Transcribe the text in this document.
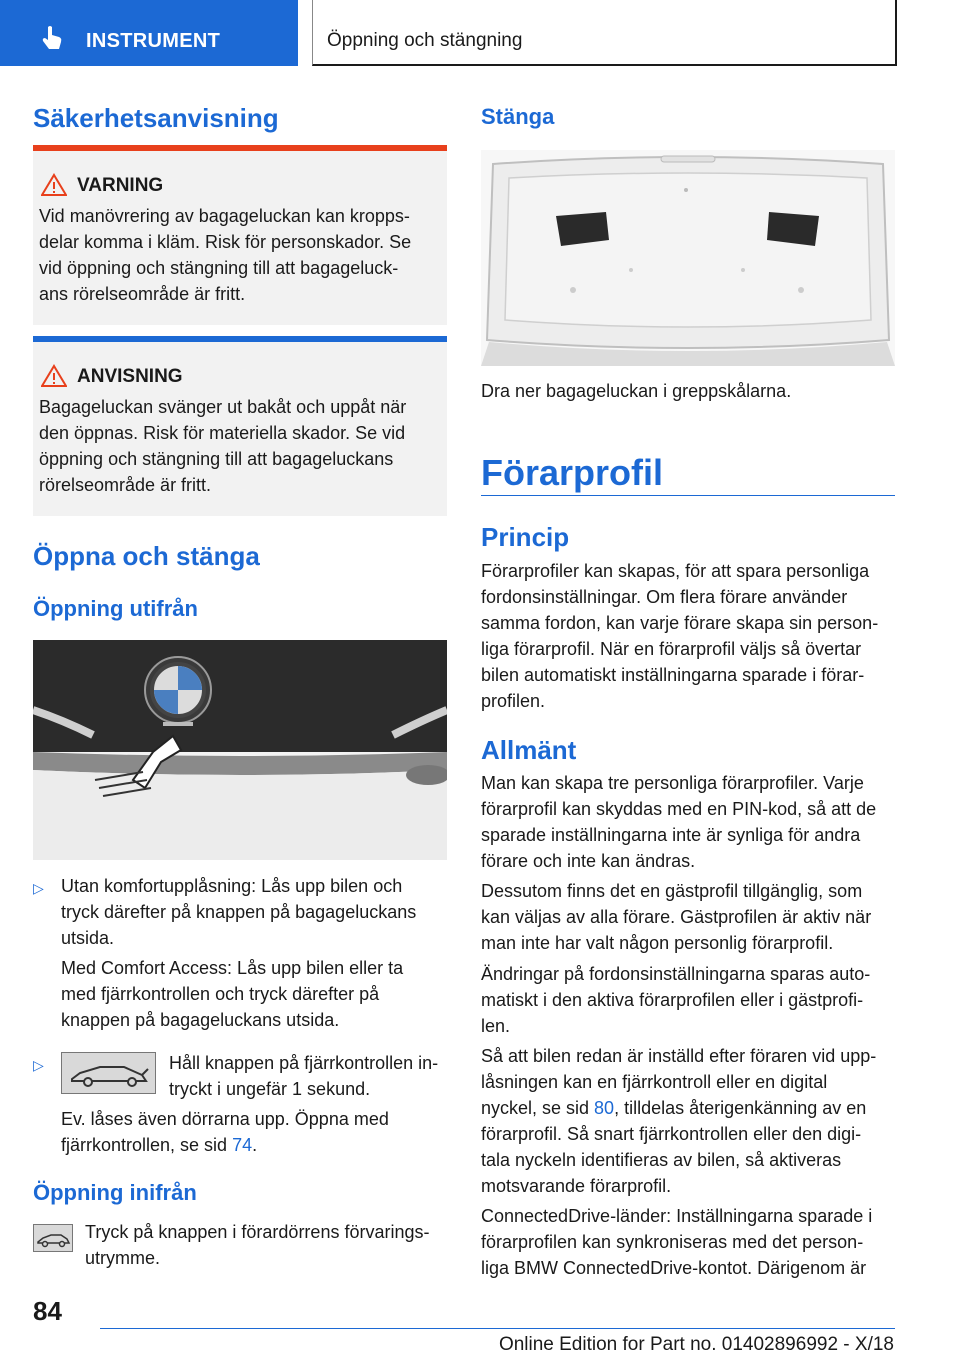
INSTRUMENT	Öppning och stängning
Säkerhetsanvisning
VARNING
Vid manövrering av bagageluckan kan kropps-
delar komma i kläm. Risk för personskador. Se
vid öppning och stängning till att bagageluck-
ans rörelseområde är fritt.
ANVISNING
Bagageluckan svänger ut bakåt och uppåt när
den öppnas. Risk för materiella skador. Se vid
öppning och stängning till att bagageluckans
rörelseområde är fritt.
Öppna och stänga
Öppning utifrån
▷ Utan komfortupplåsning: Lås upp bilen och
tryck därefter på knappen på bagageluckans
utsida.

Med Comfort Access: Lås upp bilen eller ta
med fjärrkontrollen och tryck därefter på
knappen på bagageluckans utsida.

▷	Håll knappen på fjärrkontrollen in-
tryckt i ungefär 1 sekund.

Ev. låses även dörrarna upp. Öppna med
fjärrkontrollen, se sid 74.

Öppning inifrån

Tryck på knappen i förardörrens förvarings-
utrymme.

Stänga

Dra ner bagageluckan i greppskålarna.

Förarprofil
Princip

Förarprofiler kan skapas, för att spara personliga
fordonsinställningar. Om flera förare använder
samma fordon, kan varje förare skapa sin person-
liga förarprofil. När en förarprofil väljs så övertar
bilen automatiskt inställningarna sparade i förar-
profilen.

Allmänt

Man kan skapa tre personliga förarprofiler. Varje
förarprofil kan skyddas med en PIN-kod, så att de
sparade inställningarna inte är synliga för andra
förare och inte kan ändras.

Dessutom finns det en gästprofil tillgänglig, som
kan väljas av alla förare. Gästprofilen är aktiv när
man inte har valt någon personlig förarprofil.

Ändringar på fordonsinställningarna sparas auto-
matiskt i den aktiva förarprofilen eller i gästprofi-
len.

Så att bilen redan är inställd efter föraren vid upp-
låsningen kan en fjärrkontroll eller en digital
nyckel, se sid 80, tilldelas återigenkänning av en
förarprofil. Så snart fjärrkontrollen eller den digi-
tala nyckeln identifieras av bilen, så aktiveras
motsvarande förarprofil.

ConnectedDrive-länder: Inställningarna sparade i
förarprofilen kan synkroniseras med det person-
liga BMW ConnectedDrive-kontot. Därigenom är

84
Online Edition for Part no. 01402896992 - X/18
